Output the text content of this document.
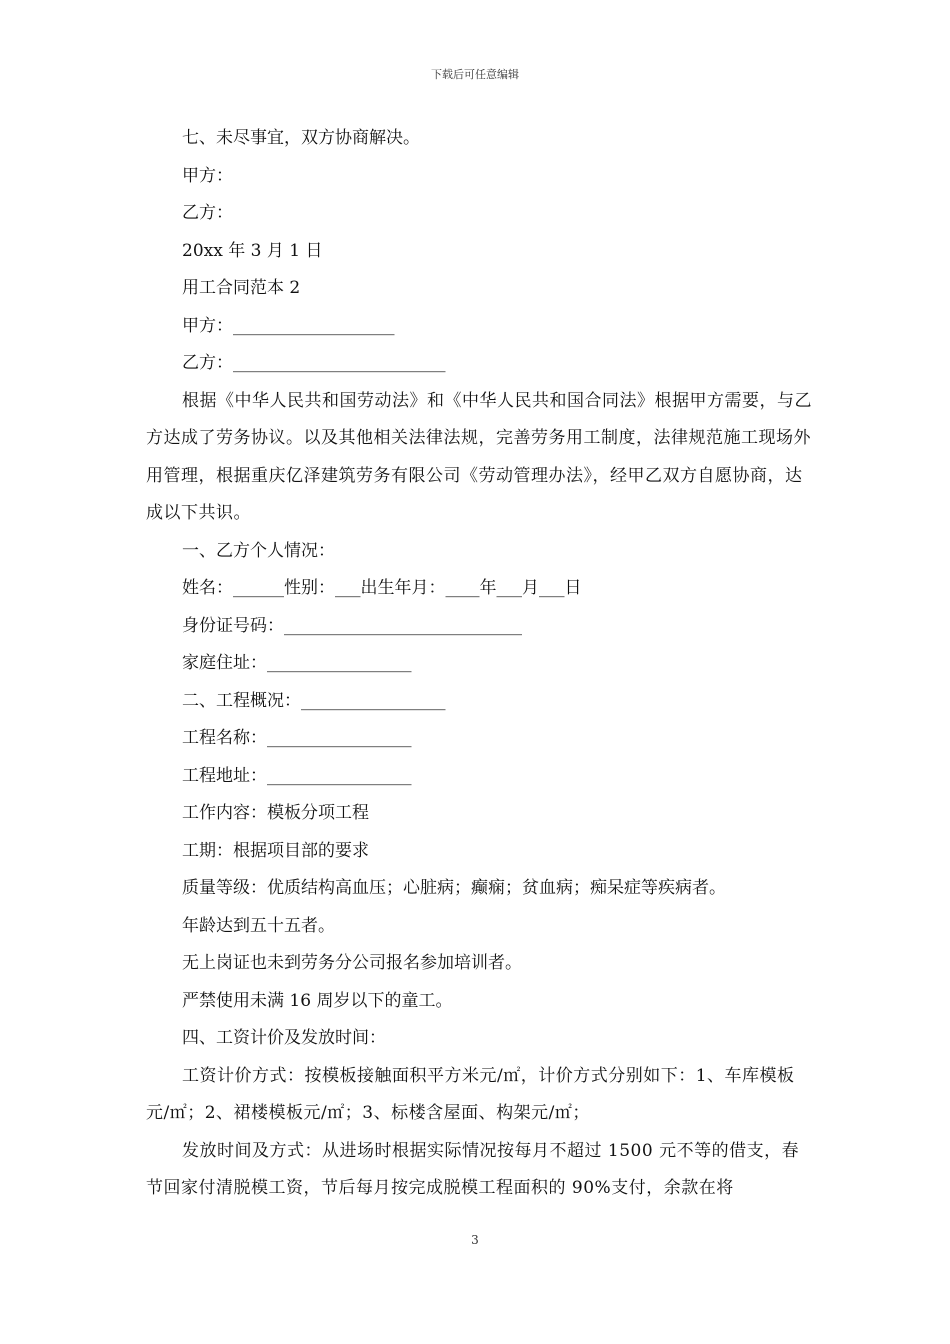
下载后可任意编辑

七、未尽事宜，双方协商解决。

甲方：

乙方：

20xx 年 3 月 1 日

用工合同范本 2

甲方：___________________

乙方：_________________________

根据《中华人民共和国劳动法》和《中华人民共和国合同法》根据甲方需要，与乙方达成了劳务协议。以及其他相关法律法规，完善劳务用工制度，法律规范施工现场外用管理，根据重庆亿泽建筑劳务有限公司《劳动管理办法》，经甲乙双方自愿协商，达成以下共识。

一、乙方个人情况：

姓名：______性别：___出生年月：____年___月___日

身份证号码：____________________________

家庭住址：_________________

二、工程概况：_________________

工程名称：_________________

工程地址：_________________

工作内容：模板分项工程

工期：根据项目部的要求

质量等级：优质结构高血压；心脏病；癫痫；贫血病；痴呆症等疾病者。

年龄达到五十五者。

无上岗证也未到劳务分公司报名参加培训者。

严禁使用未满 16 周岁以下的童工。

四、工资计价及发放时间：

工资计价方式：按模板接触面积平方米元/㎡，计价方式分别如下：1、车库模板元/㎡；2、裙楼模板元/㎡；3、标楼含屋面、构架元/㎡；

发放时间及方式：从进场时根据实际情况按每月不超过 1500 元不等的借支，春节回家付清脱模工资，节后每月按完成脱模工程面积的 90%支付，余款在将

3
